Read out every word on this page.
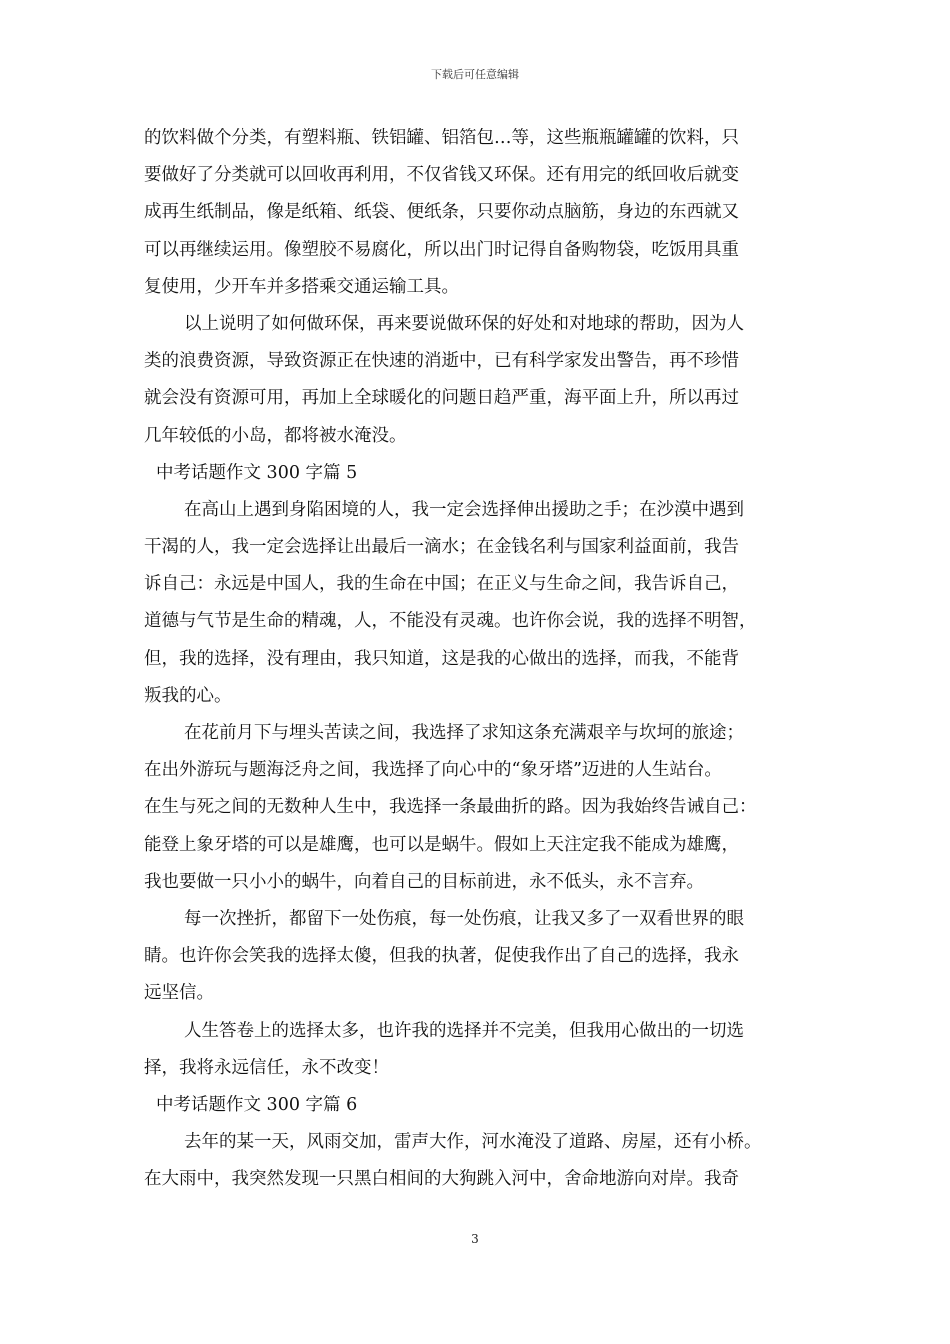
下载后可任意编辑
的饮料做个分类，有塑料瓶、铁铝罐、铝箔包…等，这些瓶瓶罐罐的饮料，只
要做好了分类就可以回收再利用，不仅省钱又环保。还有用完的纸回收后就变
成再生纸制品，像是纸箱、纸袋、便纸条，只要你动点脑筋，身边的东西就又
可以再继续运用。像塑胶不易腐化，所以出门时记得自备购物袋，吃饭用具重
复使用，少开车并多搭乘交通运输工具。
以上说明了如何做环保，再来要说做环保的好处和对地球的帮助，因为人
类的浪费资源，导致资源正在快速的消逝中，已有科学家发出警告，再不珍惜
就会没有资源可用，再加上全球暖化的问题日趋严重，海平面上升，所以再过
几年较低的小岛，都将被水淹没。
中考话题作文 300 字篇 5
在高山上遇到身陷困境的人，我一定会选择伸出援助之手；在沙漠中遇到
干渴的人，我一定会选择让出最后一滴水；在金钱名利与国家利益面前，我告
诉自己：永远是中国人，我的生命在中国；在正义与生命之间，我告诉自己，
道德与气节是生命的精魂，人，不能没有灵魂。也许你会说，我的选择不明智，
但，我的选择，没有理由，我只知道，这是我的心做出的选择，而我，不能背
叛我的心。
在花前月下与埋头苦读之间，我选择了求知这条充满艰辛与坎坷的旅途；
在出外游玩与题海泛舟之间，我选择了向心中的“象牙塔”迈进的人生站台。
在生与死之间的无数种人生中，我选择一条最曲折的路。因为我始终告诫自己：
能登上象牙塔的可以是雄鹰，也可以是蜗牛。假如上天注定我不能成为雄鹰，
我也要做一只小小的蜗牛，向着自己的目标前进，永不低头，永不言弃。
每一次挫折，都留下一处伤痕，每一处伤痕，让我又多了一双看世界的眼
睛。也许你会笑我的选择太傻，但我的执著，促使我作出了自己的选择，我永
远坚信。
人生答卷上的选择太多，也许我的选择并不完美，但我用心做出的一切选
择，我将永远信任，永不改变！
中考话题作文 300 字篇 6
去年的某一天，风雨交加，雷声大作，河水淹没了道路、房屋，还有小桥。
在大雨中，我突然发现一只黑白相间的大狗跳入河中，舍命地游向对岸。我奇
3
